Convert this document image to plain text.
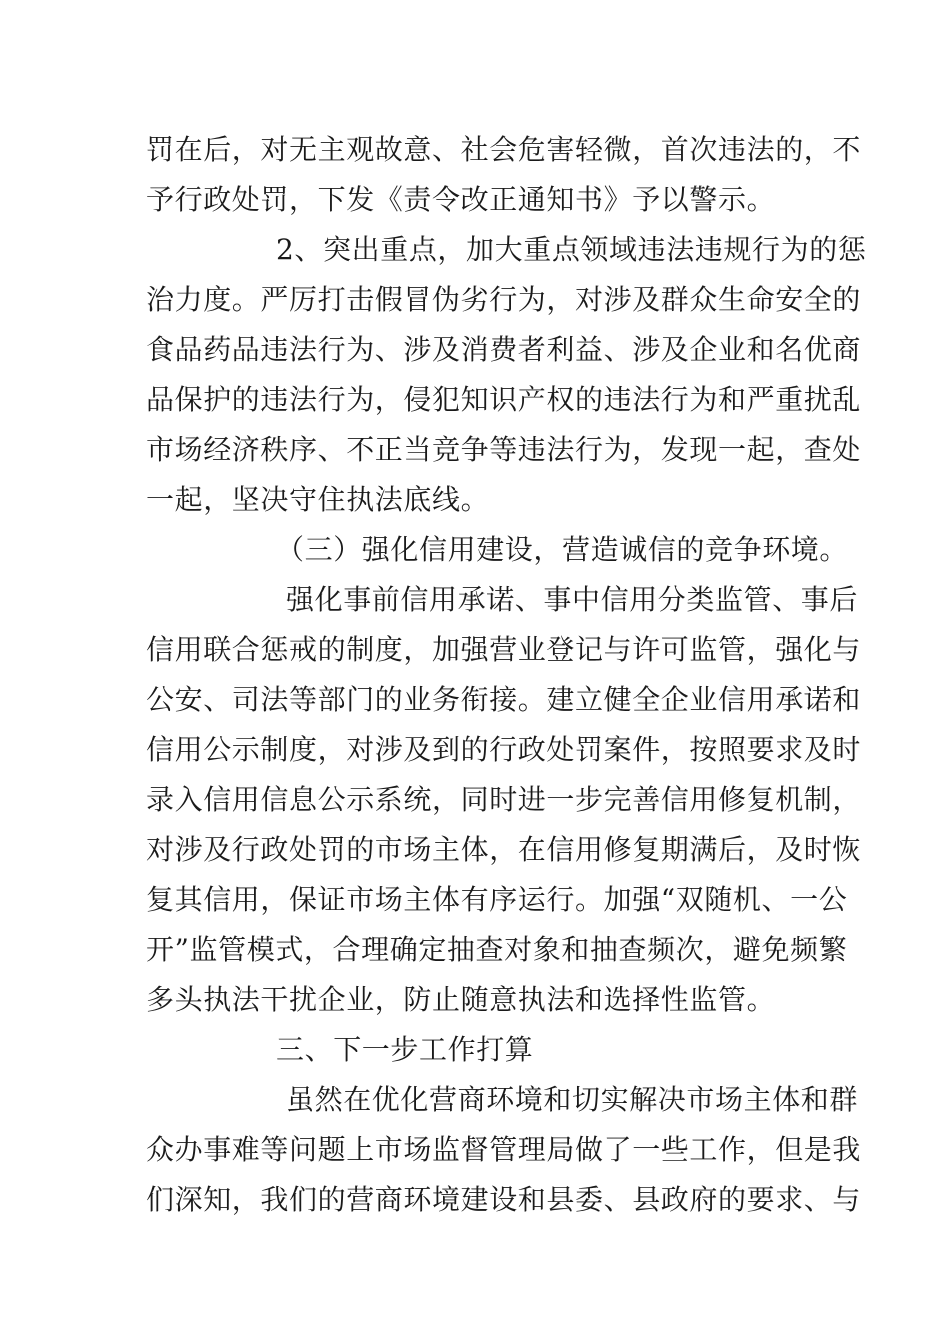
罚在后，对无主观故意、社会危害轻微，首次违法的，不
予行政处罚，下发《责令改正通知书》予以警示。
2、突出重点，加大重点领域违法违规行为的惩
治力度。严厉打击假冒伪劣行为，对涉及群众生命安全的
食品药品违法行为、涉及消费者利益、涉及企业和名优商
品保护的违法行为，侵犯知识产权的违法行为和严重扰乱
市场经济秩序、不正当竞争等违法行为，发现一起，查处
一起，坚决守住执法底线。
（三）强化信用建设，营造诚信的竞争环境。
强化事前信用承诺、事中信用分类监管、事后
信用联合惩戒的制度，加强营业登记与许可监管，强化与
公安、司法等部门的业务衔接。建立健全企业信用承诺和
信用公示制度，对涉及到的行政处罚案件，按照要求及时
录入信用信息公示系统，同时进一步完善信用修复机制，
对涉及行政处罚的市场主体，在信用修复期满后，及时恢
复其信用，保证市场主体有序运行。加强“双随机、一公
开”监管模式，合理确定抽查对象和抽查频次，避免频繁
多头执法干扰企业，防止随意执法和选择性监管。
三、下一步工作打算
虽然在优化营商环境和切实解决市场主体和群
众办事难等问题上市场监督管理局做了一些工作，但是我
们深知，我们的营商环境建设和县委、县政府的要求、与
